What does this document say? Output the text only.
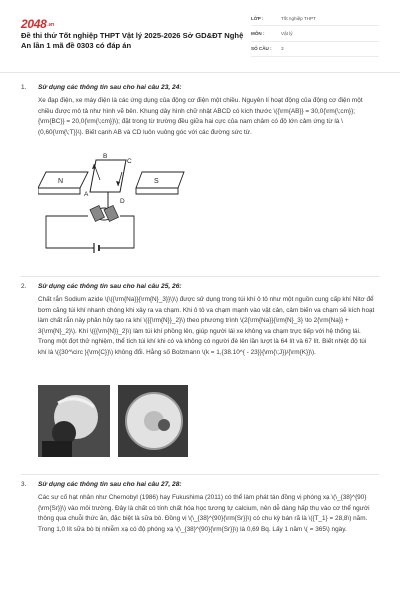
2048.vn
Đề thi thử Tốt nghiệp THPT Vật lý 2025-2026 Sở GD&ĐT Nghệ An lần 1 mã đề 0303 có đáp án
LỚP :	Tốt nghiệp THPT
MÔN :	Vật lý
SỐ CÂU :	3
1. Sử dụng các thông tin sau cho hai câu 23, 24:
Xe đạp điện, xe máy điện là các ứng dụng của động cơ điện một chiều. Nguyên lí hoạt động của động cơ điện một chiều được mô tả như hình vẽ bên. Khung dây hình chữ nhật ABCD có kích thước \({\rm{AB}} = 30,0{\rm{\;cm}};{\rm{BC}} = 20,0{\rm{\;cm}}\); đặt trong từ trường đều giữa hai cực của nam châm có độ lớn cảm ứng từ là \(0,60{\rm{\;T}}\). Biết cạnh AB và CD luôn vuông góc với các đường sức từ.
N	S
B
C
A
D
2. Sử dụng các thông tin sau cho hai câu 25, 26:
Chất rắn Sodium azide \(\({\rm{Na}}{\rm{N}_3}}\)\) được sử dụng trong túi khí ô tô như một nguồn cung cấp khí Nitơ để bơm căng túi khí nhanh chóng khi xảy ra va chạm. Khi ô tô va chạm mạnh vào vật cản, cảm biến va chạm sẽ kích hoạt làm chất rắn này phân hủy tạo ra khí \({{\rm{N}}_2}\) theo phương trình \(2{\rm{Na}}{\rm{N}_3} \to 2{\rm{Na}} + 3{\rm{N}_2}\). Khí \({{\rm{N}}_2}\) làm túi khí phồng lên, giúp người lái xe không va chạm trực tiếp với hệ thống lái. Trong một đợt thử nghiệm, thể tích túi khí khi có và không có người đè lên lần lượt là 64 lít và 67 lít. Biết nhiệt độ túi khí là \({30^\circ }{\rm{C}}\) không đổi. Hằng số Bolzmann \(k = 1,{38.10^{ - 23}}{\rm{\;J}}/{\rm{K}}\).
3. Sử dụng các thông tin sau cho hai câu 27, 28:
Các sự cố hạt nhân như Chernobyl (1986) hay Fukushima (2011) có thể làm phát tán đồng vị phóng xạ \(\_{38}^{90}{\rm{Sr}}\) vào môi trường. Đây là chất có tính chất hóa học tương tự calcium, nên dễ dàng hấp thụ vào cơ thể người thông qua chuỗi thức ăn, đặc biệt là sữa bò. Đồng vị \(\_{38}^{90}{\rm{Sr}}\) có chu kỳ bán rã là \({T_1} = 28,8\) năm. Trong 1,0 lít sữa bò bị nhiễm xạ có độ phóng xạ \(\_{38}^{90}{\rm{Sr}}\) là 0,69 Bq. Lấy 1 năm \( = 365\) ngày.
